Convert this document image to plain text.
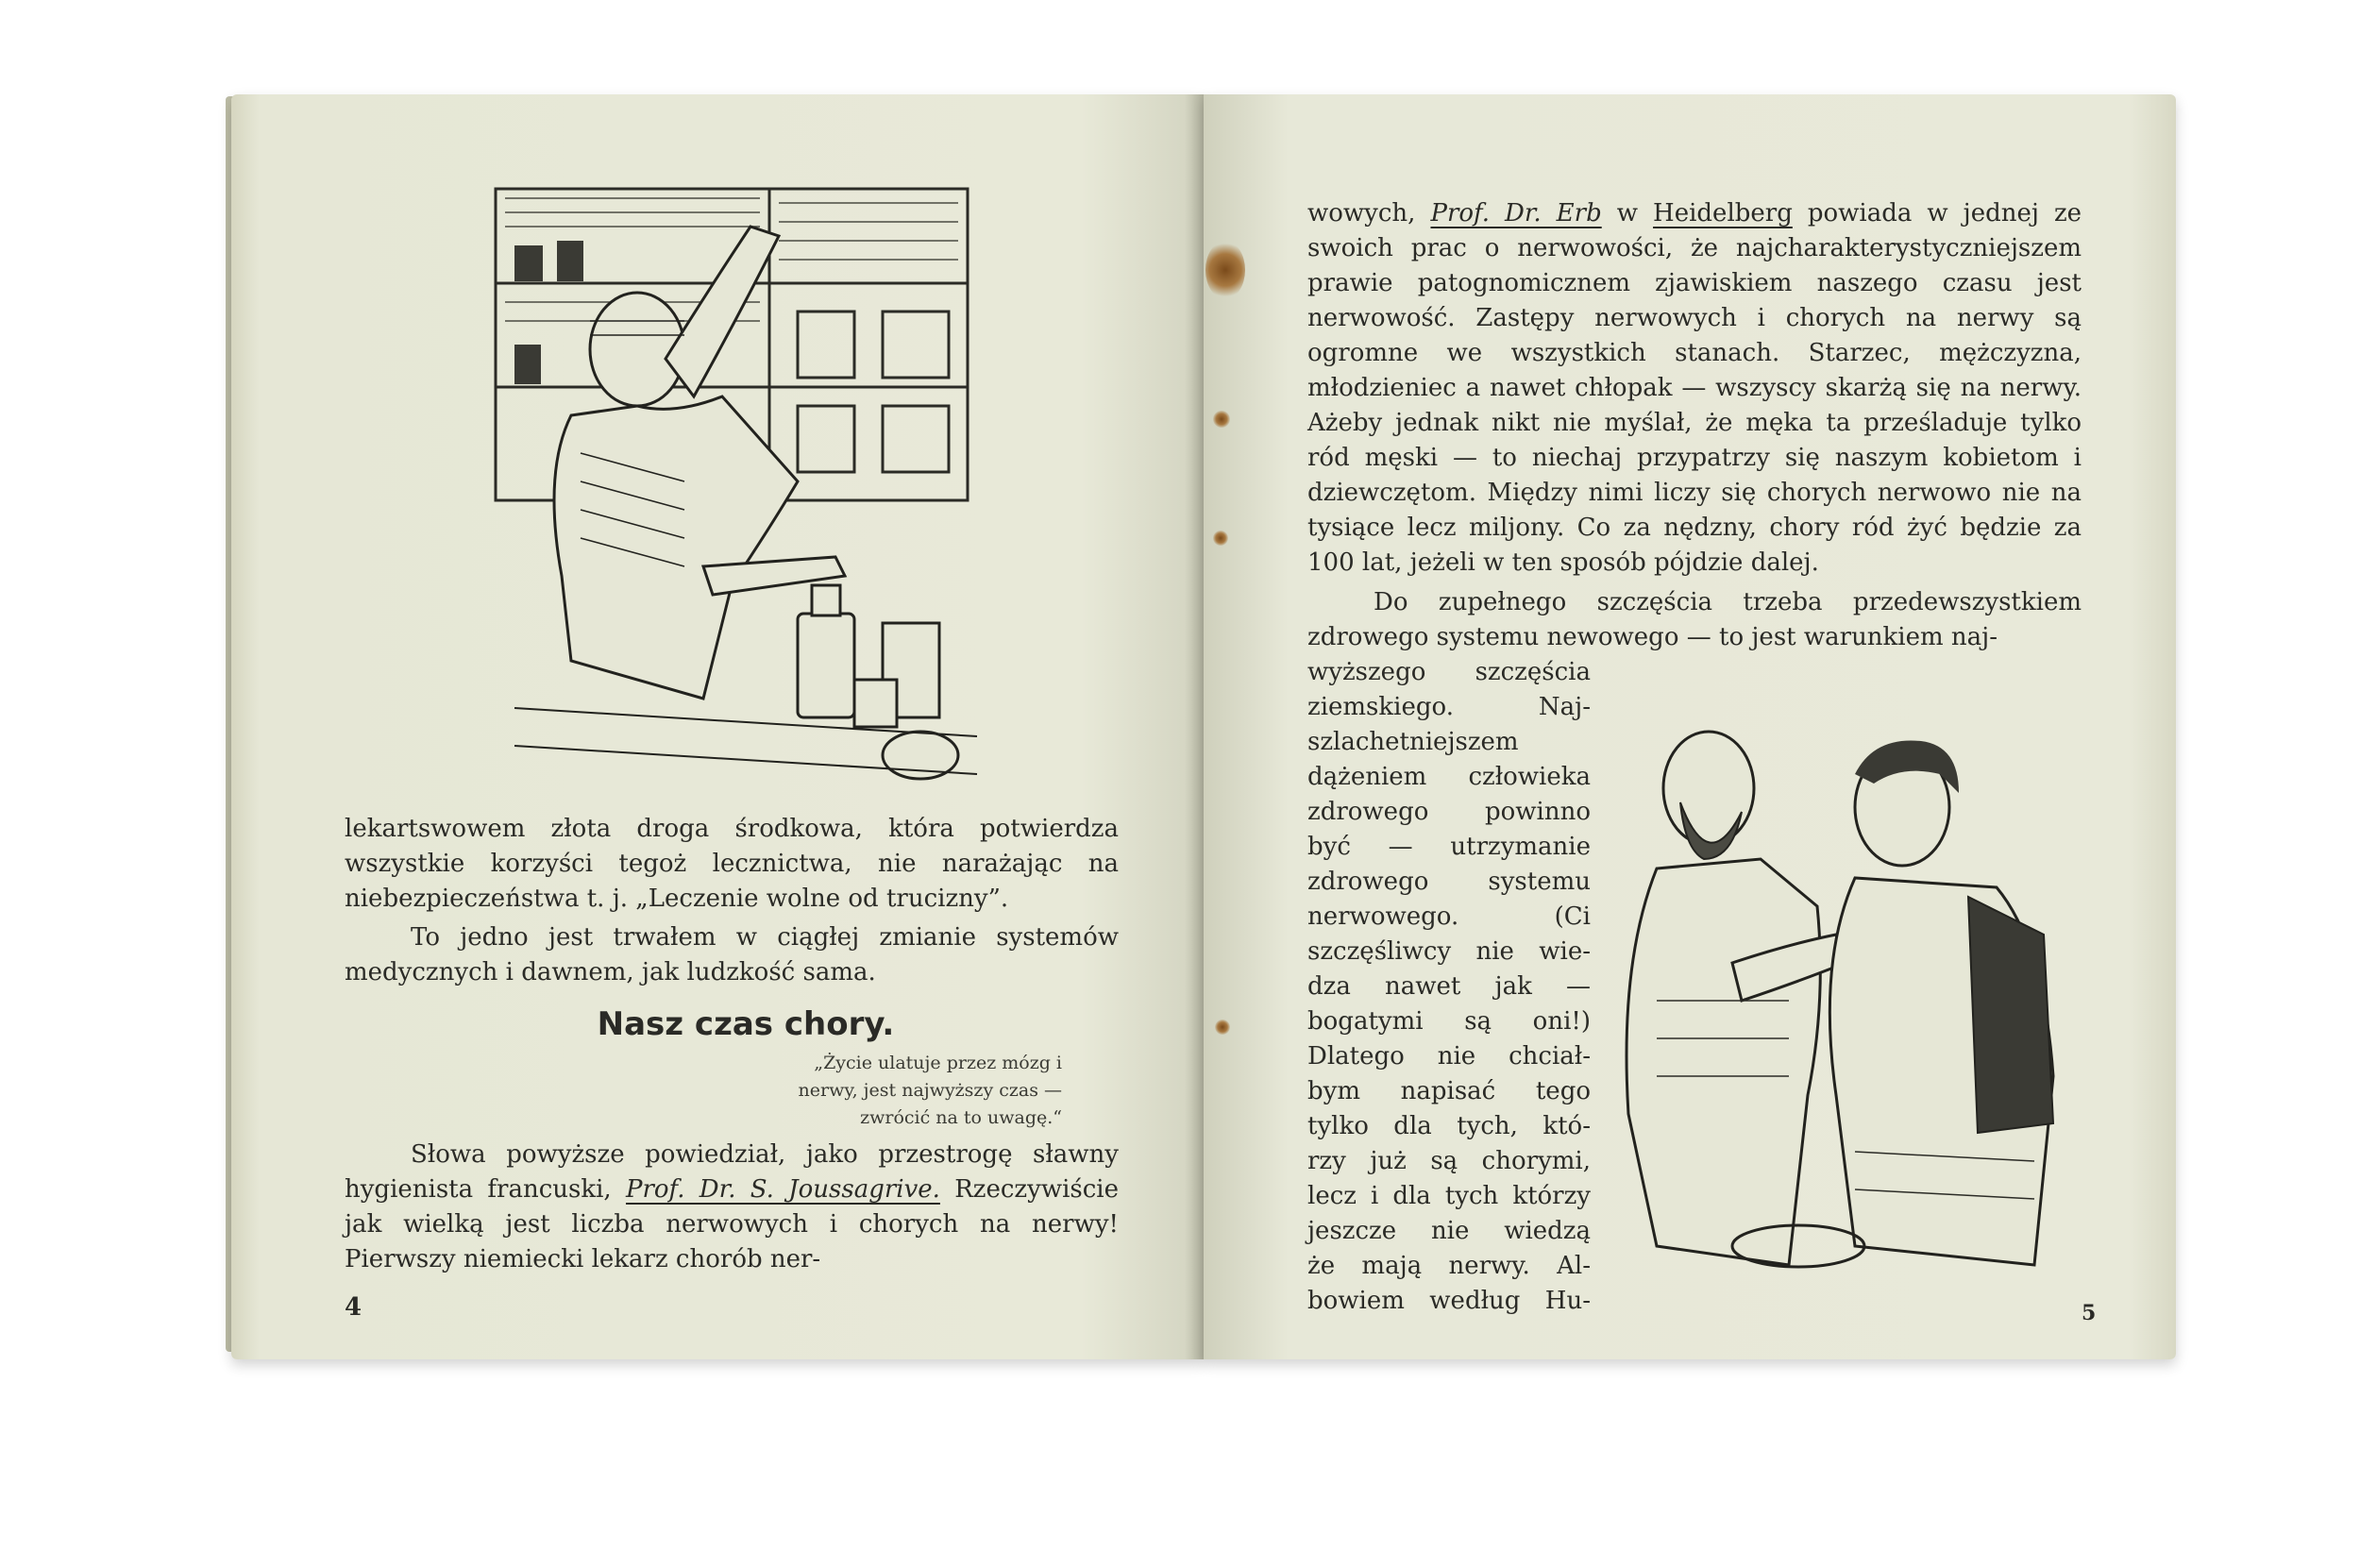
lekartswowem złota droga środkowa, która potwierdza wszystkie korzyści tegoż lecznictwa, nie narażając na niebezpieczeństwa t. j. „Leczenie wolne od trucizny”.

To jedno jest trwałem w ciągłej zmianie systemów medycznych i dawnem, jak ludzkość sama.

Nasz czas chory.
„Życie ulatuje przez mózg i nerwy, jest najwyższy czas — zwrócić na to uwagę.“

Słowa powyższe powiedział, jako przestrogę sławny hygienista francuski, Prof. Dr. S. Joussagrive. Rzeczywiście jak wielką jest liczba nerwowych i chorych na nerwy! Pierwszy niemiecki lekarz chorób ner-

4

wowych, Prof. Dr. Erb w Heidelberg powiada w jednej ze swoich prac o nerwowości, że najcharakterystyczniejszem prawie patognomicznem zjawiskiem naszego czasu jest nerwowość. Zastępy nerwowych i chorych na nerwy są ogromne we wszystkich stanach. Starzec, mężczyzna, młodzieniec a nawet chłopak — wszyscy skarżą się na nerwy. Ażeby jednak nikt nie myślał, że męka ta prześladuje tylko ród męski — to niechaj przypatrzy się naszym kobietom i dziewczętom. Między nimi liczy się chorych nerwowo nie na tysiące lecz miljony. Co za nędzny, chory ród żyć będzie za 100 lat, jeżeli w ten sposób pójdzie dalej.

Do zupełnego szczęścia trzeba przedewszystkiem zdrowego systemu newowego — to jest warunkiem naj-

wyższego szczęścia

ziemskiego. Naj-

szlachetniejszem

dążeniem człowieka

zdrowego powinno

być — utrzymanie

zdrowego systemu

nerwowego. (Ci

szczęśliwcy nie wie-

dza nawet jak —

bogatymi są oni!)

Dlatego nie chciał-

bym napisać tego

tylko dla tych, któ-

rzy już są chorymi,

lecz i dla tych którzy

jeszcze nie wiedzą

że mają nerwy. Al-

bowiem według Hu-	5
